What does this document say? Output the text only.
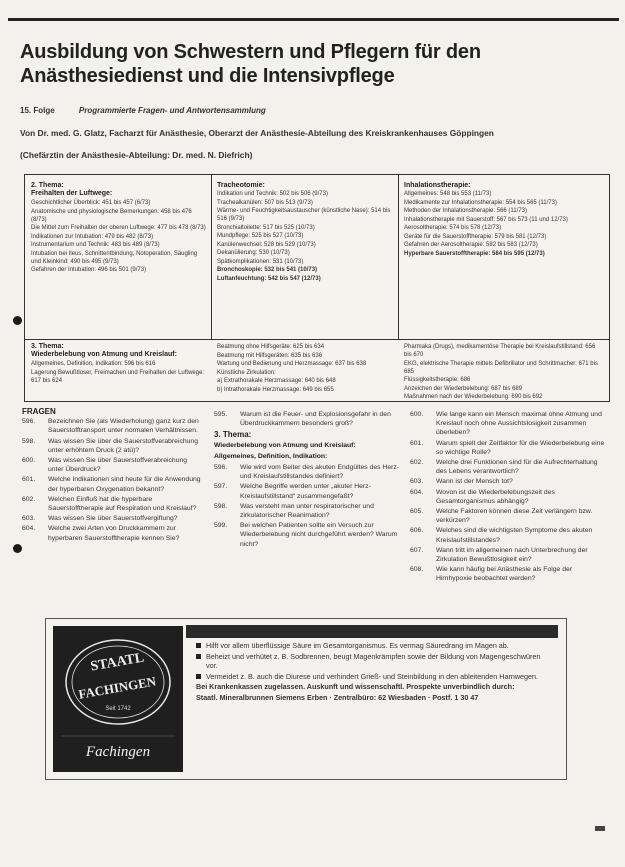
Ausbildung von Schwestern und Pflegern für den Anästhesiedienst und die Intensivpflege
15. Folge	Programmierte Fragen- und Antwortensammlung
Von Dr. med. G. Glatz, Facharzt für Anästhesie, Oberarzt der Anästhesie-Abteilung des Kreiskrankenhauses Göppingen
(Chefärztin der Anästhesie-Abteilung: Dr. med. N. Diefrich)
2. Thema:
Freihalten der Luftwege:
Geschichtlicher Überblick: 451 bis 457 (6/73)
Anatomische und physiologische Bemerkungen: 458 bis 476 (8/73)
Die Mittel zum Freihalten der oberen Luftwege: 477 bis 478 (8/73)
Indikationen zur Intubation: 479 bis 482 (8/73)
Instrumentarium und Technik: 483 bis 489 (8/73)
Intubation bei Ileus, Schnittentbindung, Notoperation, Säugling und Kleinkind: 490 bis 495 (9/73)
Gefahren der Intubation: 496 bis 501 (9/73)
Tracheotomie:
Indikation und Technik: 502 bis 506 (9/73)
Trachealkanülen: 507 bis 513 (9/73)
Wärme- und Feuchtigkeitsaustauscher (künstliche Nase): 514 bis 516 (9/73)
Bronchialtoilette: 517 bis 525 (10/73)
Mundpflege: 525 bis 527 (10/73)
Kanülenwechsel: 528 bis 529 (10/73)
Dekanülierung: 530 (10/73)
Spätkomplikationen: 531 (10/73)
Bronchoskopie: 532 bis 541 (10/73)
Luftanfeuchtung: 542 bis 547 (12/73)
Inhalationstherapie:
Allgemeines: 548 bis 553 (11/73)
Medikamente zur Inhalationstherapie: 554 bis 565 (11/73)
Methoden der Inhalationstherapie: 566 (11/73)
Inhalationstherapie mit Sauerstoff: 567 bis 573 (11 und 12/73)
Aerosoltherapie: 574 bis 578 (12/73)
Geräte für die Sauerstofftherapie: 579 bis 581 (12/73)
Gefahren der Aerosoltherapie: 582 bis 583 (12/73)
Hyperbare Sauerstofftherapie: 584 bis 595 (12/73)
3. Thema:
Wiederbelebung von Atmung und Kreislauf:
Allgemeines, Definition, Indikation: 596 bis 616
Lagerung Bewußtloser, Freimachen und Freihalten der Luftwege: 617 bis 624
Beatmung ohne Hilfsgeräte: 625 bis 634
Beatmung mit Hilfsgeräten: 635 bis 636
Wartung und Bedienung und Herzmassage: 637 bis 638
Künstliche Zirkulation:
a) Extrathorakale Herzmassage: 640 bis 648
b) Intrathorakale Herzmassage: 649 bis 655
Pharmaka (Drugs), medikamentöse Therapie bei Kreislaufstillstand: 656 bis 670
EKG, elektrische Therapie mittels Defibrillator und Schrittmacher: 671 bis 685
Flüssigkeitstherapie: 686
Anzeichen der Wiederbelebung: 687 bis 689
Maßnahmen nach der Wiederbelebung: 690 bis 692
FRAGEN
596. Bezeichnen Sie (als Wiederholung) ganz kurz den Sauerstofftransport unter normalen Verhältnissen.
598. Was wissen Sie über die Sauerstoffverabreichung unter erhöhtem Druck (2 atü)?
600. Was wissen Sie über Sauerstoffverabreichung unter Überdruck?
601. Welche Indikationen sind heute für die Anwendung der hyperbaren Oxygenation bekannt?
602. Welchen Einfluß hat die hyperbare Sauerstofftherapie auf Respiration und Kreislauf?
603. Was wissen Sie über Sauerstoffvergiftung?
604. Welche zwei Arten von Druckkammern zur hyperbaren Sauerstofftherapie kennen Sie?
595. Warum ist die Feuer- und Explosionsgefahr in den Überdruckkammern besonders groß?
3. Thema:
Wiederbelebung von Atmung und Kreislauf:
Allgemeines, Definition, Indikation:
596. Wie wird vom Beiter des akuten Endgültes des Herz- und Kreislaufstillstandes definiert?
597. Welche Begriffe werden unter „akuter Herz-Kreislaufstillstand“ zusammengefaßt?
598. Was versteht man unter respiratorischer und zirkulatorischer Reanimation?
599. Bei welchen Patienten sollte ein Versuch zur Wiederbelebung nicht durchgeführt werden? Warum nicht?
600. Wie lange kann ein Mensch maximal ohne Atmung und Kreislauf noch ohne Aussichtslosigkeit zusammen überleben?
601. Warum spielt der Zeitfaktor für die Wiederbelebung eine so wichtige Rolle?
602. Welche drei Funktionen sind für die Aufrechterhaltung des Lebens verantwortlich?
603. Wann ist der Mensch tot?
604. Wovon ist die Wiederbelebungszeit des Gesamtorganismus abhängig?
605. Welche Faktoren können diese Zeit verlängern bzw. verkürzen?
606. Welches sind die wichtigsten Symptome des akuten Kreislaufstillstandes?
607. Wann tritt im allgemeinen nach Unterbrechung der Zirkulation Bewußtlosigkeit ein?
608. Wie kann häufig bei Anästhesie als Folge der Hirnhypoxie beobachtet werden?
STAATL
FACHINGEN
Seit 1742
Fachingen
Hilft vor allem überflüssige Säure im Gesamtorganismus. Es vermag Säuredrang im Magen ab.
Beheizt und verhütet z. B. Sodbrennen, beugt Magenkrämpfen sowie der Bildung von Magengeschwüren vor.
Vermeidet z. B. auch die Diurese und verhindert Grieß- und Steinbildung in den ableitenden Harnwegen.
Bei Krankenkassen zugelassen. Auskunft und wissenschaftl. Prospekte unverbindlich durch:
Staatl. Mineralbrunnen Siemens Erben · Zentralbüro: 62 Wiesbaden · Postf. 1 30 47
